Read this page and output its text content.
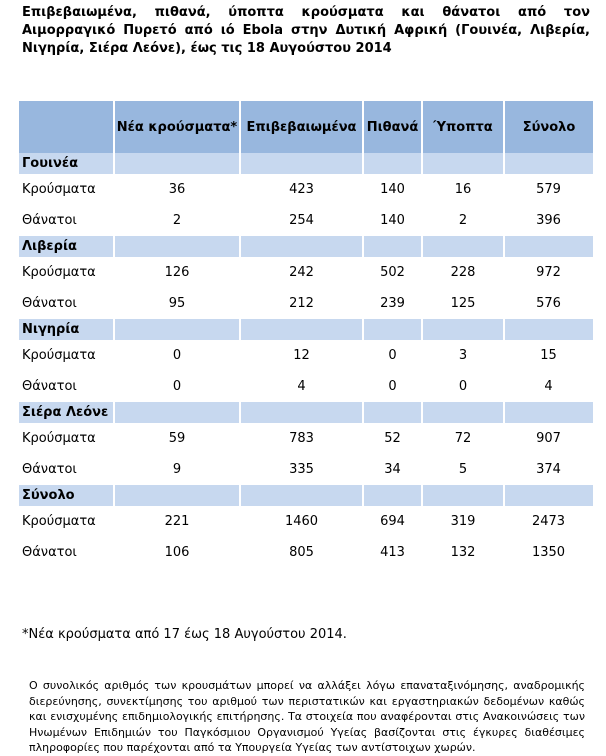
Επιβεβαιωμένα, πιθανά, ύποπτα κρούσματα και θάνατοι από τον Αιμορραγικό Πυρετό από ιό Ebola στην Δυτική Αφρική (Γουινέα, Λιβερία, Νιγηρία, Σιέρα Λεόνε), έως τις 18 Αυγούστου 2014
	Νέα κρούσματα*	Επιβεβαιωμένα	Πιθανά	Ύποπτα	Σύνολο
Γουινέα					
Κρούσματα	36	423	140	16	579
Θάνατοι	2	254	140	2	396
Λιβερία					
Κρούσματα	126	242	502	228	972
Θάνατοι	95	212	239	125	576
Νιγηρία					
Κρούσματα	0	12	0	3	15
Θάνατοι	0	4	0	0	4
Σιέρα Λεόνε					
Κρούσματα	59	783	52	72	907
Θάνατοι	9	335	34	5	374
Σύνολο					
Κρούσματα	221	1460	694	319	2473
Θάνατοι	106	805	413	132	1350
*Νέα κρούσματα από 17 έως 18 Αυγούστου 2014.
Ο συνολικός αριθμός των κρουσμάτων μπορεί να αλλάξει λόγω επαναταξινόμησης, αναδρομικής διερεύνησης, συνεκτίμησης του αριθμού των περιστατικών και εργαστηριακών δεδομένων καθώς και ενισχυμένης επιδημιολογικής επιτήρησης. Τα στοιχεία που αναφέρονται στις Ανακοινώσεις των Ηνωμένων Επιδημιών του Παγκόσμιου Οργανισμού Υγείας βασίζονται στις έγκυρες διαθέσιμες πληροφορίες που παρέχονται από τα Υπουργεία Υγείας των αντίστοιχων χωρών.
